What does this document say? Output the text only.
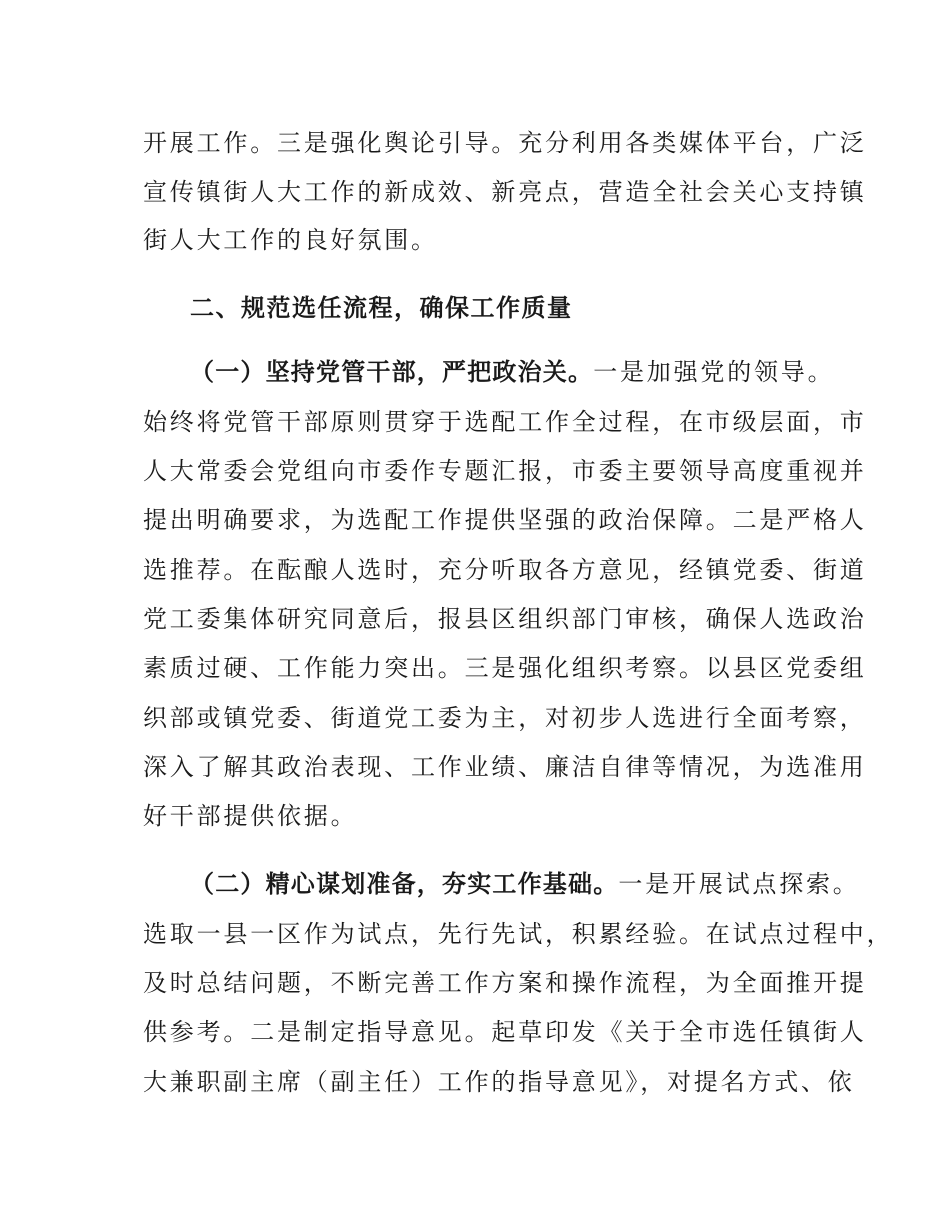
开展工作。三是强化舆论引导。充分利用各类媒体平台，广泛
宣传镇街人大工作的新成效、新亮点，营造全社会关心支持镇
街人大工作的良好氛围。
二、规范选任流程，确保工作质量
（一）坚持党管干部，严把政治关。一是加强党的领导。
始终将党管干部原则贯穿于选配工作全过程，在市级层面，市
人大常委会党组向市委作专题汇报，市委主要领导高度重视并
提出明确要求，为选配工作提供坚强的政治保障。二是严格人
选推荐。在酝酿人选时，充分听取各方意见，经镇党委、街道
党工委集体研究同意后，报县区组织部门审核，确保人选政治
素质过硬、工作能力突出。三是强化组织考察。以县区党委组
织部或镇党委、街道党工委为主，对初步人选进行全面考察，
深入了解其政治表现、工作业绩、廉洁自律等情况，为选准用
好干部提供依据。
（二）精心谋划准备，夯实工作基础。一是开展试点探索。
选取一县一区作为试点，先行先试，积累经验。在试点过程中，
及时总结问题，不断完善工作方案和操作流程，为全面推开提
供参考。二是制定指导意见。起草印发《关于全市选任镇街人
大兼职副主席（副主任）工作的指导意见》，对提名方式、依
